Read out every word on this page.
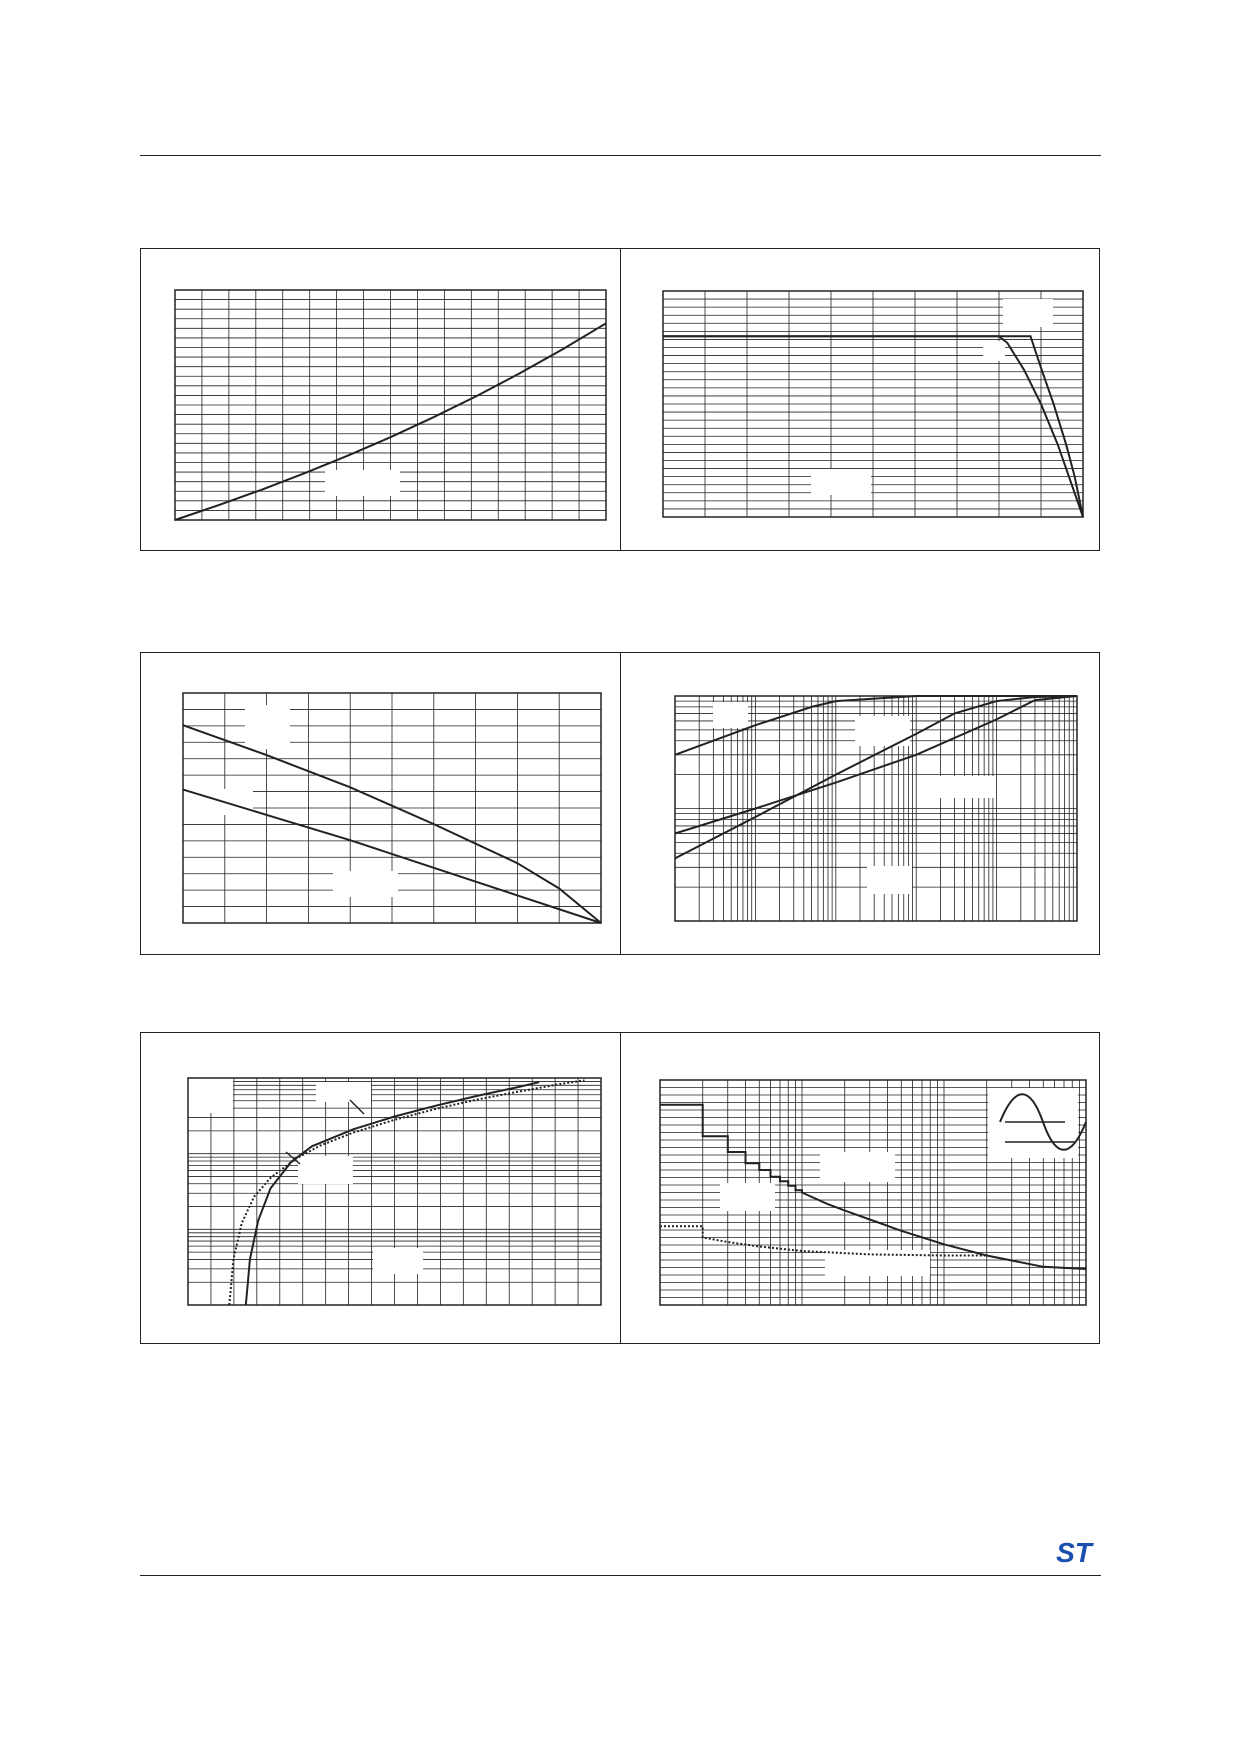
ST
